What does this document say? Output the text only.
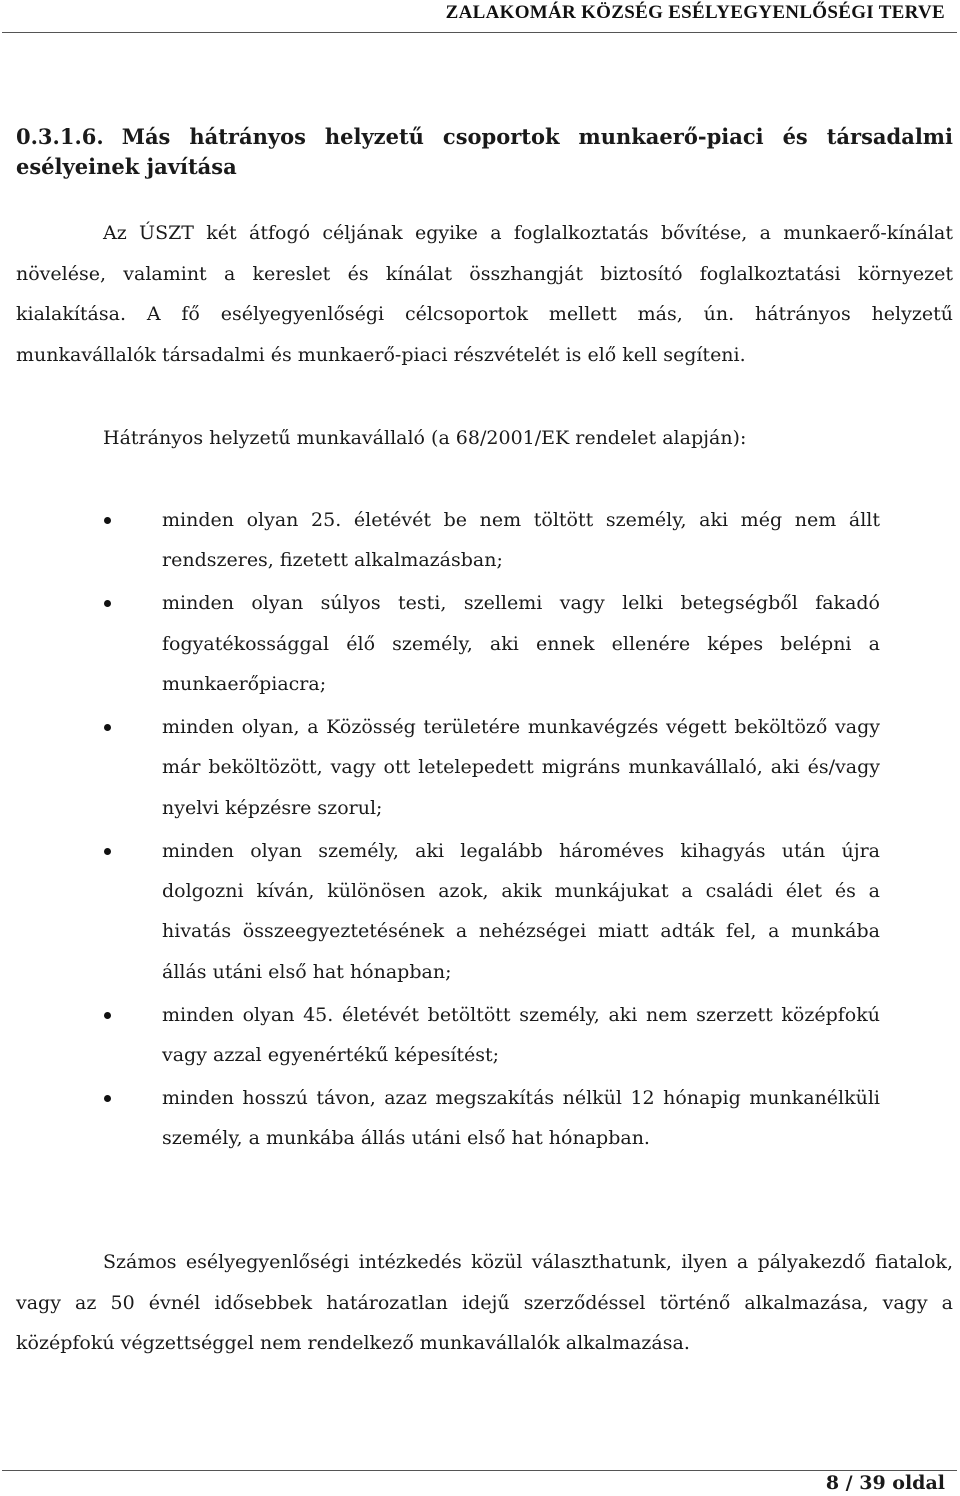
ZALAKOMÁR KÖZSÉG ESÉLYEGYENLŐSÉGI TERVE
0.3.1.6. Más hátrányos helyzetű csoportok munkaerő-piaci és társadalmi esélyeinek javítása
Az ÚSZT két átfogó céljának egyike a foglalkoztatás bővítése, a munkaerő-kínálat növelése, valamint a kereslet és kínálat összhangját biztosító foglalkoztatási környezet kialakítása. A fő esélyegyenlőségi célcsoportok mellett más, ún. hátrányos helyzetű munkavállalók társadalmi és munkaerő-piaci részvételét is elő kell segíteni.
Hátrányos helyzetű munkavállaló (a 68/2001/EK rendelet alapján):
minden olyan 25. életévét be nem töltött személy, aki még nem állt rendszeres, fizetett alkalmazásban;
minden olyan súlyos testi, szellemi vagy lelki betegségből fakadó fogyatékossággal élő személy, aki ennek ellenére képes belépni a munkaerőpiacra;
minden olyan, a Közösség területére munkavégzés végett beköltöző vagy már beköltözött, vagy ott letelepedett migráns munkavállaló, aki és/vagy nyelvi képzésre szorul;
minden olyan személy, aki legalább hároméves kihagyás után újra dolgozni kíván, különösen azok, akik munkájukat a családi élet és a hivatás összeegyeztetésének a nehézségei miatt adták fel, a munkába állás utáni első hat hónapban;
minden olyan 45. életévét betöltött személy, aki nem szerzett középfokú vagy azzal egyenértékű képesítést;
minden hosszú távon, azaz megszakítás nélkül 12 hónapig munkanélküli személy, a munkába állás utáni első hat hónapban.
Számos esélyegyenlőségi intézkedés közül választhatunk, ilyen a pályakezdő fiatalok, vagy az 50 évnél idősebbek határozatlan idejű szerződéssel történő alkalmazása, vagy a középfokú végzettséggel nem rendelkező munkavállalók alkalmazása.
8 / 39 oldal
